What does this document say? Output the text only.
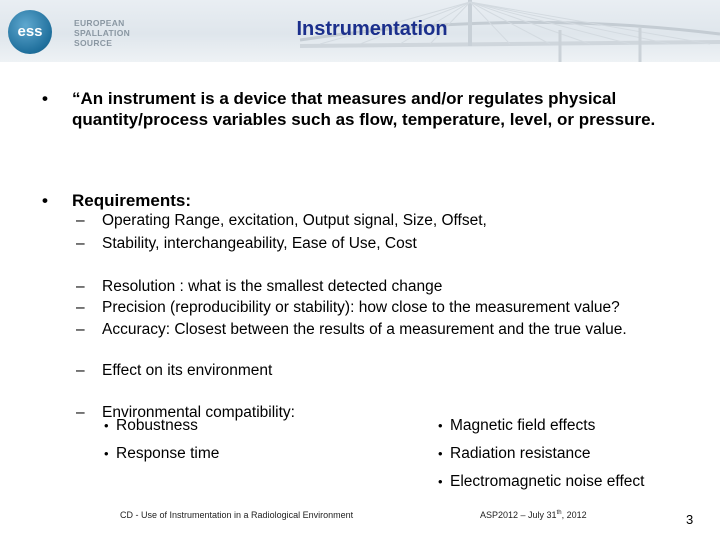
ess	EUROPEAN
SPALLATION
SOURCE
Instrumentation
• “An instrument is a device that measures and/or regulates physical quantity/process variables such as flow, temperature, level, or pressure.
• Requirements:
– Operating Range, excitation, Output signal, Size, Offset,
– Stability, interchangeability, Ease of Use, Cost
– Resolution : what is the smallest detected change
– Precision (reproducibility or stability): how close to the measurement value?
– Accuracy: Closest between the results of a measurement and the true value.
– Effect on its environment
– Environmental compatibility:
• Robustness
• Response time
• Magnetic field effects
• Radiation resistance
• Electromagnetic noise effect
CD - Use of Instrumentation in a Radiological Environment	ASP2012 – July 31th, 2012	3
